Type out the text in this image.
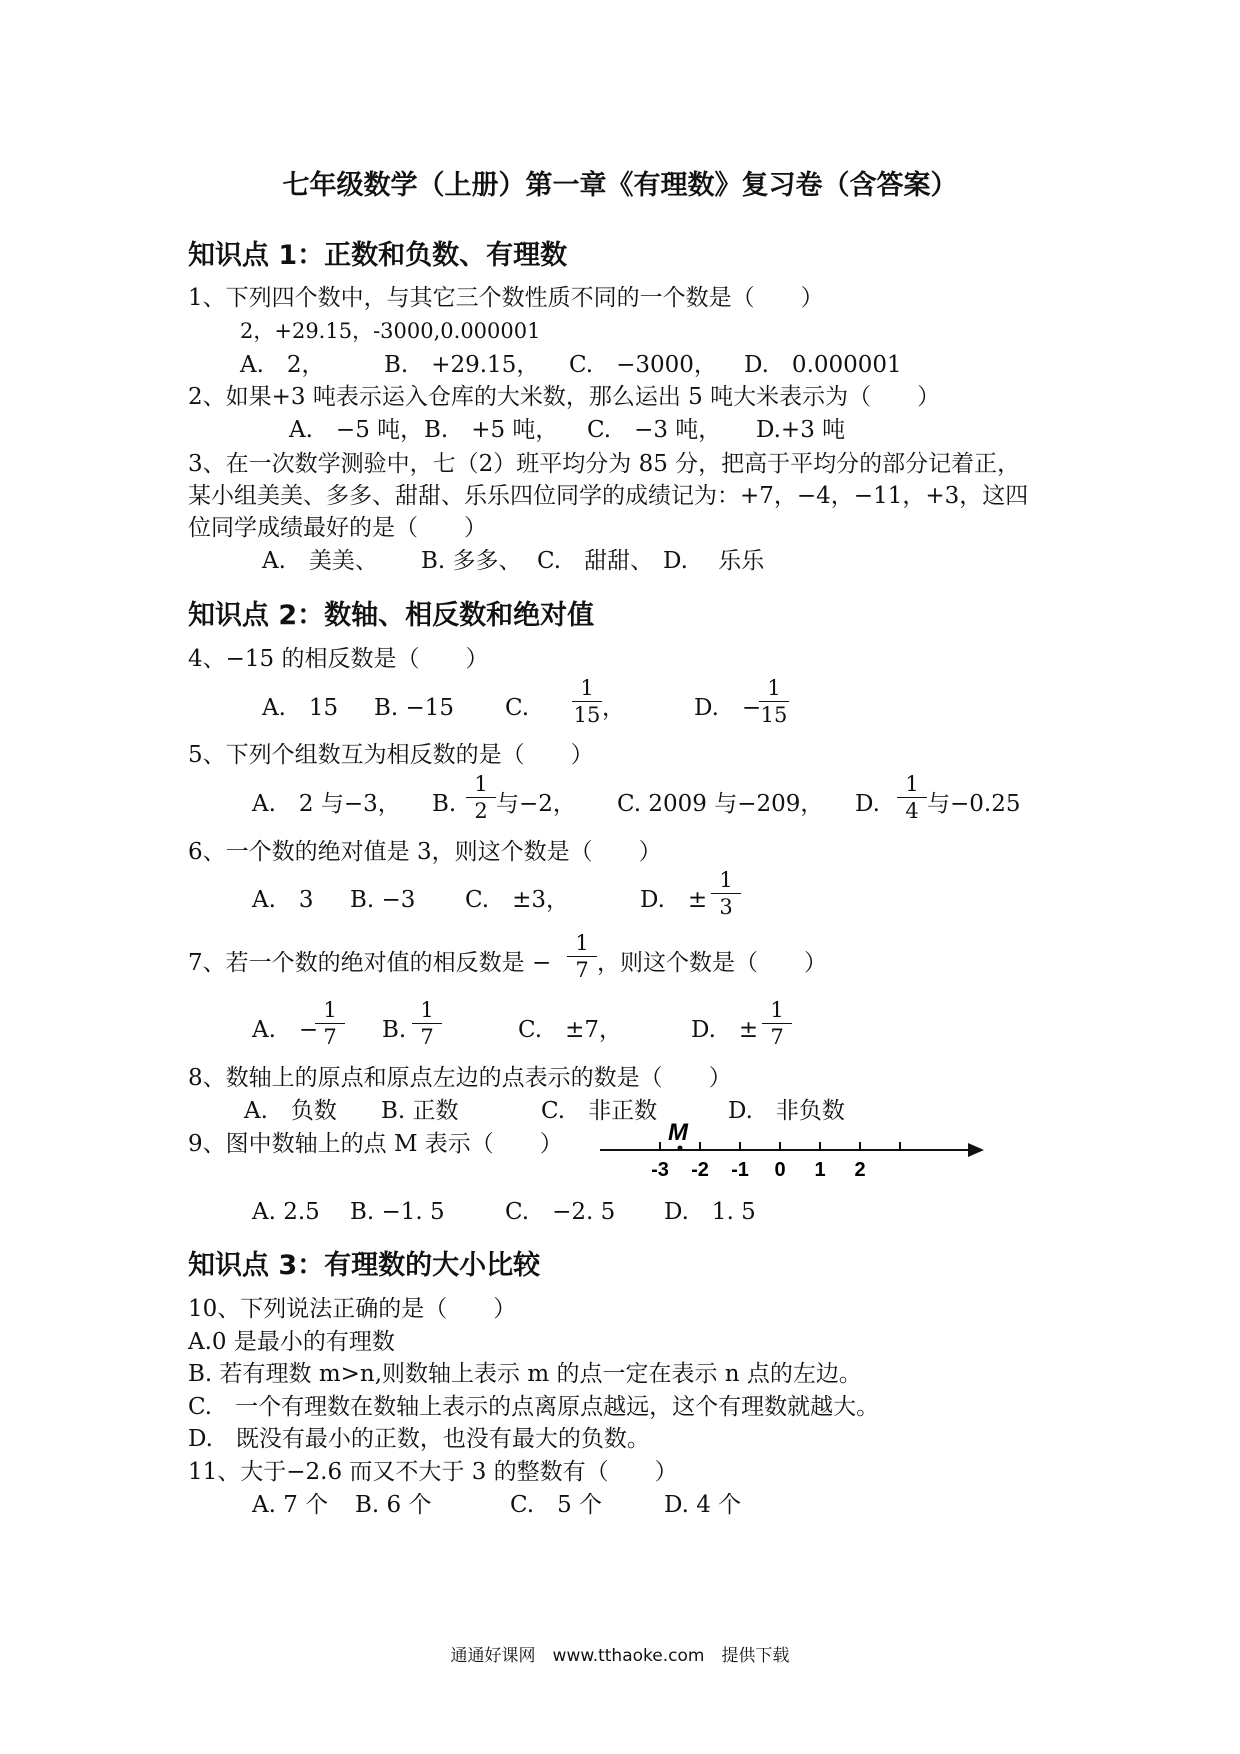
七年级数学（上册）第一章《有理数》复习卷（含答案）
知识点 1：正数和负数、有理数
1、下列四个数中，与其它三个数性质不同的一个数是（　　）
2，+29.15，-3000,0.000001
A.　2，	B.　+29.15， C.　−3000， D.　0.000001
2、如果+3 吨表示运入仓库的大米数，那么运出 5 吨大米表示为（　　）
A.　−5 吨， B.　+5 吨， C.　−3 吨， D.+3 吨
3、在一次数学测验中，七（2）班平均分为 85 分，把高于平均分的部分记着正，
某小组美美、多多、甜甜、乐乐四位同学的成绩记为：+7，−4，−11，+3，这四
位同学成绩最好的是（　　）
A.　美美、 B. 多多、 C.　甜甜、 D.　 乐乐
知识点 2：数轴、相反数和绝对值
4、−15 的相反数是（　　）
A.　15 B. −15 C.
1
15 ，	D.　−
1
15
5、下列个组数互为相反数的是（　　）
A.　2 与−3， B.
1
2 与−2， C. 2009 与−209， D.
1
4 与−0.25
6、一个数的绝对值是 3，则这个数是（　　）
A.　3 B. −3 C.　±3，	D.　±
1
3
7、若一个数的绝对值的相反数是 −
1
7 ，则这个数是（　　）
A.　−
1
7	B.
1
7	C.　±7，	D.　±
1
7
8、数轴上的原点和原点左边的点表示的数是（　　）
A.　负数 B. 正数	C.　非正数	D.　非负数
9、图中数轴上的点 M 表示（　　）	M
-3 -2 -1 0 1 2
A. 2.5 B. −1. 5	C.　−2. 5 D.　1. 5
知识点 3：有理数的大小比较
10、下列说法正确的是（　　）
A.0 是最小的有理数
B. 若有理数 m>n,则数轴上表示 m 的点一定在表示 n 点的左边。
C.　一个有理数在数轴上表示的点离原点越远，这个有理数就越大。
D.　既没有最小的正数，也没有最大的负数。
11、大于−2.6 而又不大于 3 的整数有（　　）
A. 7 个 B. 6 个	C.　5 个	D. 4 个
通通好课网　www.tthaoke.com　提供下载
